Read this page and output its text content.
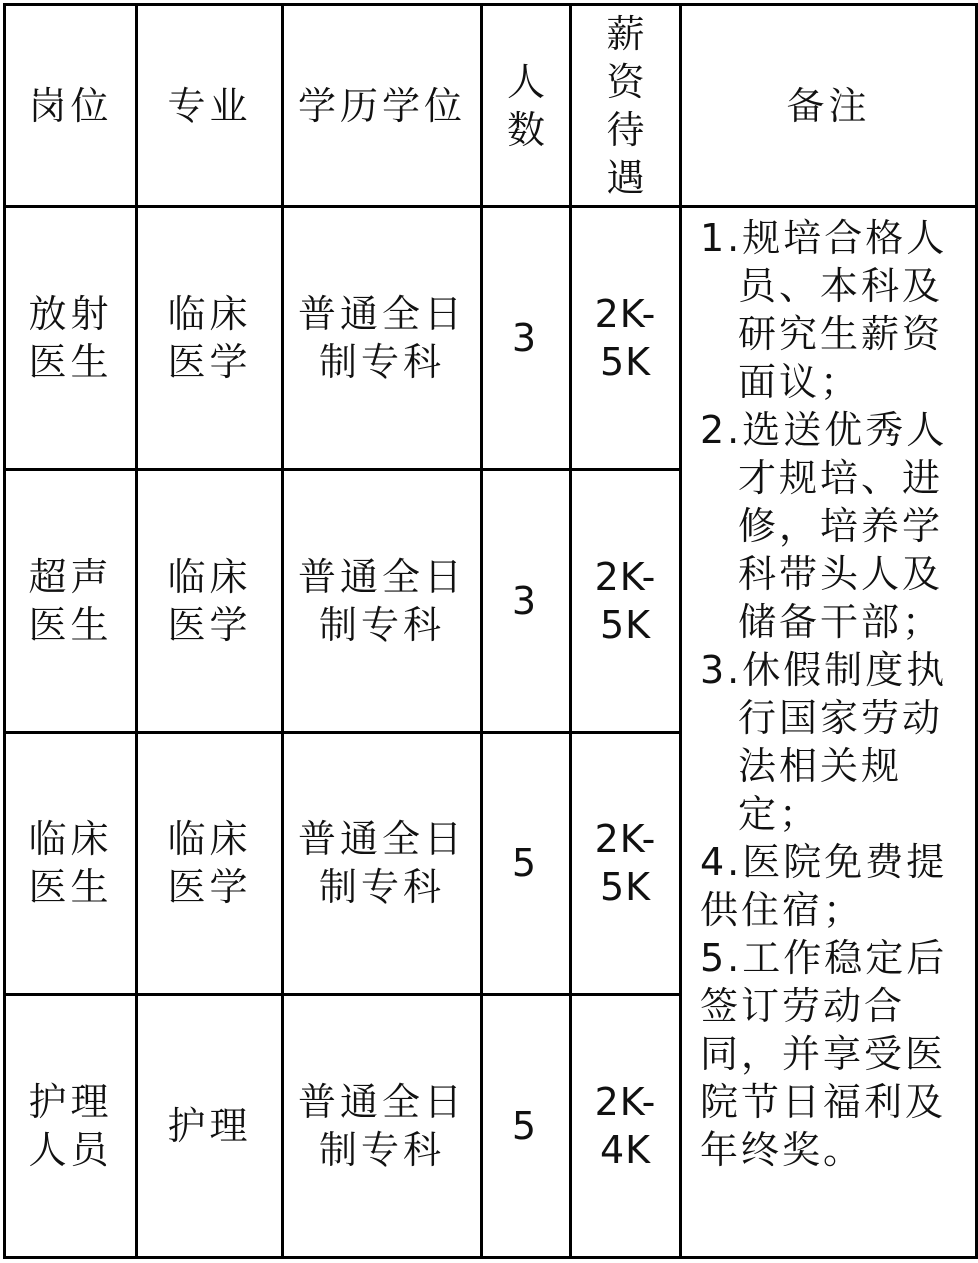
岗位	专业	学历学位	人数	薪资待遇	备注
放射医生	临床医学	普通全日制专科	3	2K-5K	1.规培合格人员、本科及研究生薪资面议；
2.选送优秀人才规培、进修，培养学科带头人及储备干部；
3.休假制度执行国家劳动法相关规定；
4.医院免费提供住宿；
5.工作稳定后签订劳动合同，并享受医院节日福利及年终奖。

超声医生	临床医学	普通全日制专科	3	2K-5K	
临床医生	临床医学	普通全日制专科	5	2K-5K	
护理人员	护理	普通全日制专科	5	2K-4K	
